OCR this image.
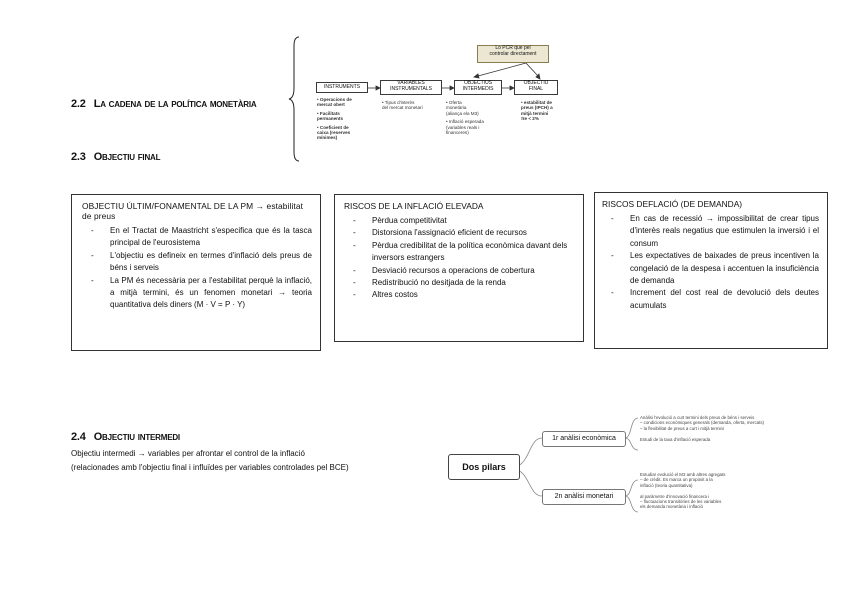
2.2 La cadena de la política monetària
2.3 Objectiu final
Lo PCR que pel
controlar directament
INSTRUMENTS
VARIABLES
INSTRUMENTALS
OBJECTIUS
INTERMEDIS
OBJECTIU
FINAL
• Operacions de
mercat obert
• Facilitats
permanents
• Coeficient de
caixa (reserves
mínimes)
• Tipus d'interès
del mercat monetari
• Oferta
monetària
(aliança ela M3)
• Inflació esperada
(variables reals i
financeres)
• estabilitat de
preus (IPCH) a
mitjà termini
πe < 2%
OBJECTIU ÚLTIM/FONAMENTAL DE LA PM → estabilitat de preus
- En el Tractat de Maastricht s'especifica que és la tasca principal de l'eurosistema
- L'objectiu es defineix en termes d'inflació dels preus de béns i serveis
- La PM és necessària per a l'estabilitat perquè la inflació, a mitjà termini, és un fenomen monetari → teoria quantitativa dels diners (M · V = P · Y)
RISCOS DE LA INFLACIÓ ELEVADA
- Pèrdua competitivitat
- Distorsiona l'assignació eficient de recursos
- Pèrdua credibilitat de la política econòmica davant dels inversors estrangers
- Desviació recursos a operacions de cobertura
- Redistribució no desitjada de la renda
- Altres costos
RISCOS DEFLACIÓ (DE DEMANDA)
- En cas de recessió → impossibilitat de crear tipus d'interès reals negatius que estimulen la inversió i el consum
- Les expectatives de baixades de preus incentiven la congelació de la despesa i accentuen la insuficiència de demanda
- Increment del cost real de devolució dels deutes acumulats
2.4 Objectiu intermedi
Objectiu intermedi → variables per afrontar el control de la inflació
(relacionades amb l'objectiu final i influïdes per variables controlades pel BCE)	Dos pilars
1r anàlisi econòmica
2n anàlisi monetari
Anàlisi l'evolució a curt termini dels preus de béns i serveis
– condicions econòmiques generals (demanda, oferta, mercats)
– la flexibilitat de preus a curt i mitjà termini
Estudi de la taxa d'inflació esperada
Estudiar evolució el M3 amb altres agregats
– de crèdit. Es marca un propòsit a la
inflació (teoria quantitativa)
al paràmetre d'innovació financera i
– fluctuacions transitòries de les variables
els demanda monetària i inflació
